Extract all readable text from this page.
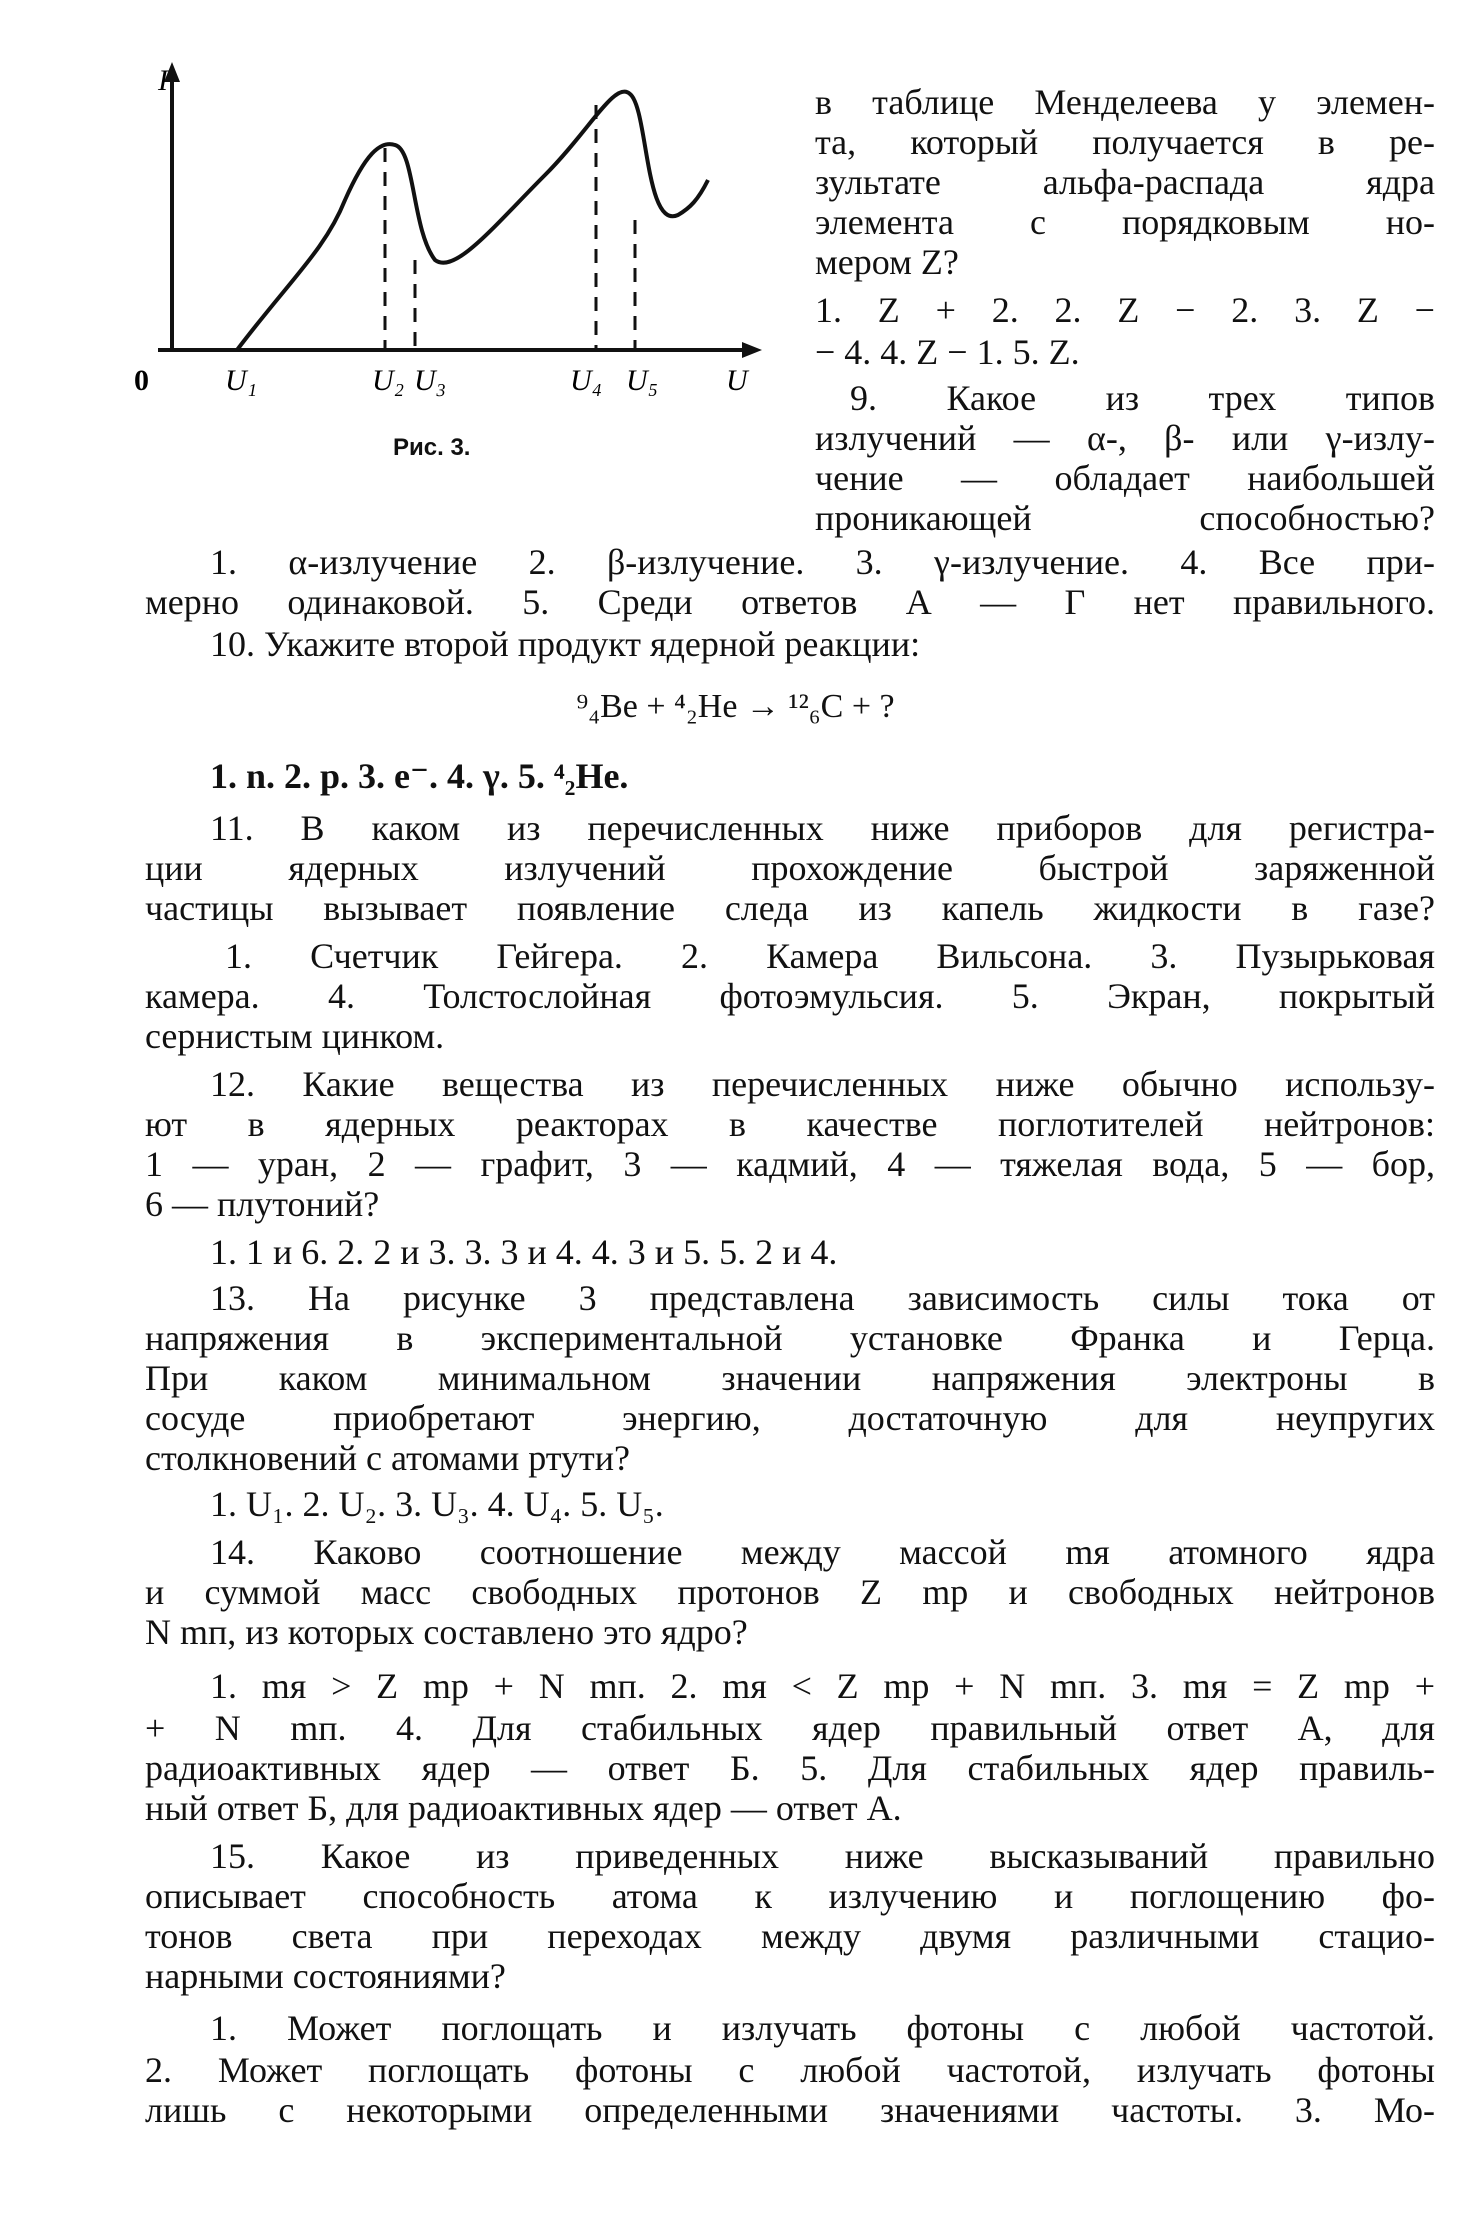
I
0	U
U₁	U₂ U₃	U₄ U₅
Рис. 3.
в таблице Менделеева у элемен-
та, который получается в ре-
зультате альфа-распада ядра
элемента с порядковым но-
мером Z?
1. Z + 2. 2. Z − 2. 3. Z −
− 4. 4. Z − 1. 5. Z.
9. Какое из трех типов
излучений — α-, β- или γ-излу-
чение — обладает наибольшей
проникающей способностью?
1. α-излучение 2. β-излучение. 3. γ-излучение. 4. Все при-
мерно одинаковой. 5. Среди ответов А — Г нет правильного.
10. Укажите второй продукт ядерной реакции:
⁹₄Be + ⁴₂He → ¹²₆C + ?
1. n. 2. p. 3. e⁻. 4. γ. 5. ⁴₂He.
11. В каком из перечисленных ниже приборов для регистра-
ции ядерных излучений прохождение быстрой заряженной
частицы вызывает появление следа из капель жидкости в газе?
1. Счетчик Гейгера. 2. Камера Вильсона. 3. Пузырьковая
камера. 4. Толстослойная фотоэмульсия. 5. Экран, покрытый
сернистым цинком.
12. Какие вещества из перечисленных ниже обычно использу-
ют в ядерных реакторах в качестве поглотителей нейтронов:
1 — уран, 2 — графит, 3 — кадмий, 4 — тяжелая вода, 5 — бор,
6 — плутоний?
1. 1 и 6. 2. 2 и 3. 3. 3 и 4. 4. 3 и 5. 5. 2 и 4.
13. На рисунке 3 представлена зависимость силы тока от
напряжения в экспериментальной установке Франка и Герца.
При каком минимальном значении напряжения электроны в
сосуде приобретают энергию, достаточную для неупругих
столкновений с атомами ртути?
1. U₁. 2. U₂. 3. U₃. 4. U₄. 5. U₅.
14. Каково соотношение между массой mя атомного ядра
и суммой масс свободных протонов Z mр и свободных нейтронов
N mп, из которых составлено это ядро?
1. mя > Z mр + N mп. 2. mя < Z mр + N mп. 3. mя = Z mр +
+ N mп. 4. Для стабильных ядер правильный ответ А, для
радиоактивных ядер — ответ Б. 5. Для стабильных ядер правиль-
ный ответ Б, для радиоактивных ядер — ответ А.
15. Какое из приведенных ниже высказываний правильно
описывает способность атома к излучению и поглощению фо-
тонов света при переходах между двумя различными стацио-
нарными состояниями?
1. Может поглощать и излучать фотоны с любой частотой.
2. Может поглощать фотоны с любой частотой, излучать фотоны
лишь с некоторыми определенными значениями частоты. 3. Мо-
